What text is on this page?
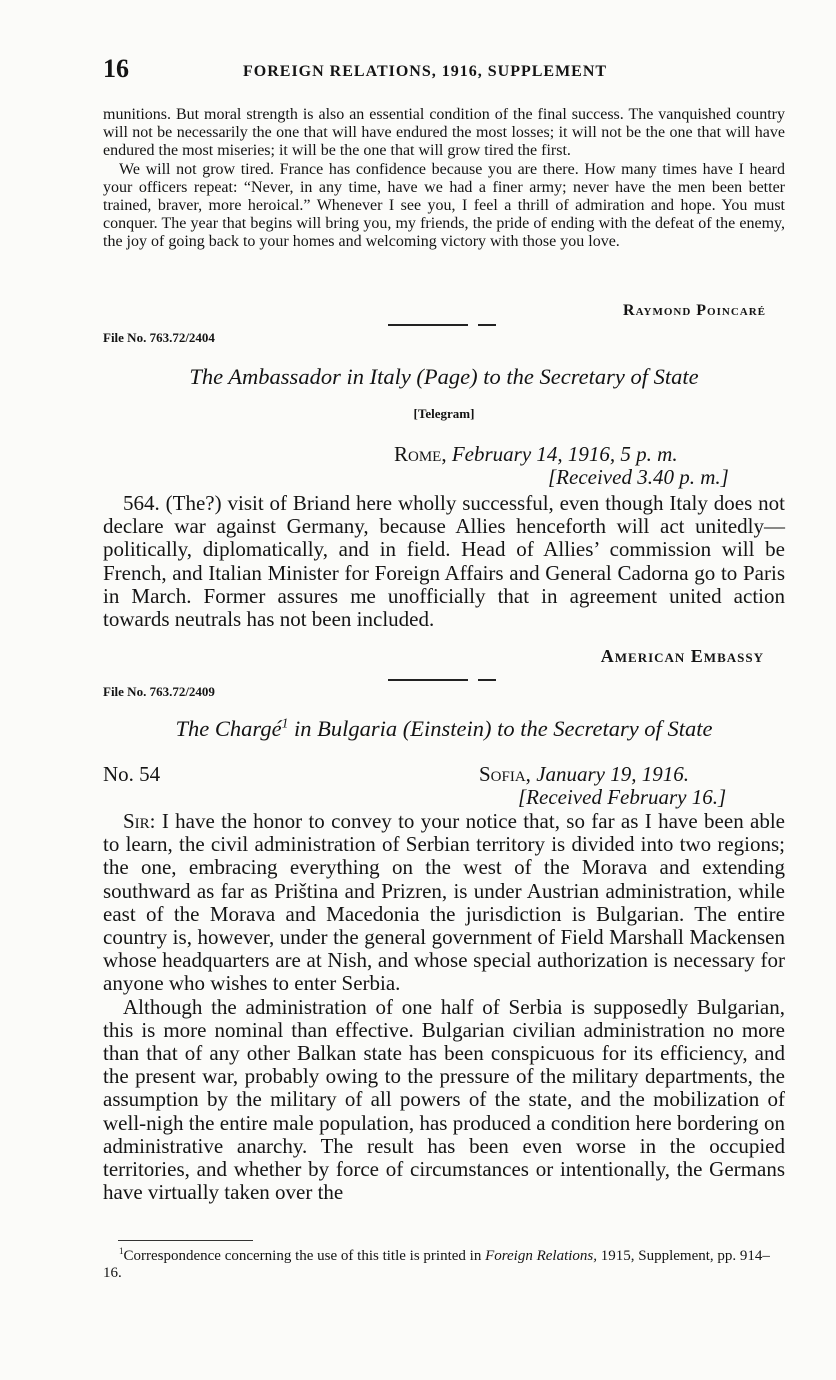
16	FOREIGN RELATIONS, 1916, SUPPLEMENT

munitions. But moral strength is also an essential condition of the final success. The vanquished country will not be necessarily the one that will have endured the most losses; it will not be the one that will have endured the most miseries; it will be the one that will grow tired the first.

We will not grow tired. France has confidence because you are there. How many times have I heard your officers repeat: “Never, in any time, have we had a finer army; never have the men been better trained, braver, more heroical.” Whenever I see you, I feel a thrill of admiration and hope. You must conquer. The year that begins will bring you, my friends, the pride of ending with the defeat of the enemy, the joy of going back to your homes and welcoming victory with those you love.

Raymond Poincaré
File No. 763.72/2404
The Ambassador in Italy (Page) to the Secretary of State
[Telegram]
Rome, February 14, 1916, 5 p. m.
[Received 3.40 p. m.]

564. (The?) visit of Briand here wholly successful, even though Italy does not declare war against Germany, because Allies henceforth will act unitedly—politically, diplomatically, and in field. Head of Allies’ commission will be French, and Italian Minister for Foreign Affairs and General Cadorna go to Paris in March. Former assures me unofficially that in agreement united action towards neutrals has not been included.

American Embassy
File No. 763.72/2409
The Chargé$^1$ in Bulgaria (Einstein) to the Secretary of State
No. 54	Sofia, January 19, 1916.
[Received February 16.]

Sir: I have the honor to convey to your notice that, so far as I have been able to learn, the civil administration of Serbian territory is divided into two regions; the one, embracing everything on the west of the Morava and extending southward as far as Priština and Prizren, is under Austrian administration, while east of the Morava and Macedonia the jurisdiction is Bulgarian. The entire country is, however, under the general government of Field Marshall Mackensen whose headquarters are at Nish, and whose special authorization is necessary for anyone who wishes to enter Serbia.

Although the administration of one half of Serbia is supposedly Bulgarian, this is more nominal than effective. Bulgarian civilian administration no more than that of any other Balkan state has been conspicuous for its efficiency, and the present war, probably owing to the pressure of the military departments, the assumption by the military of all powers of the state, and the mobilization of well-nigh the entire male population, has produced a condition here bordering on administrative anarchy. The result has been even worse in the occupied territories, and whether by force of circumstances or intentionally, the Germans have virtually taken over the

$^1$Correspondence concerning the use of this title is printed in Foreign Relations, 1915, Supplement, pp. 914–16.
